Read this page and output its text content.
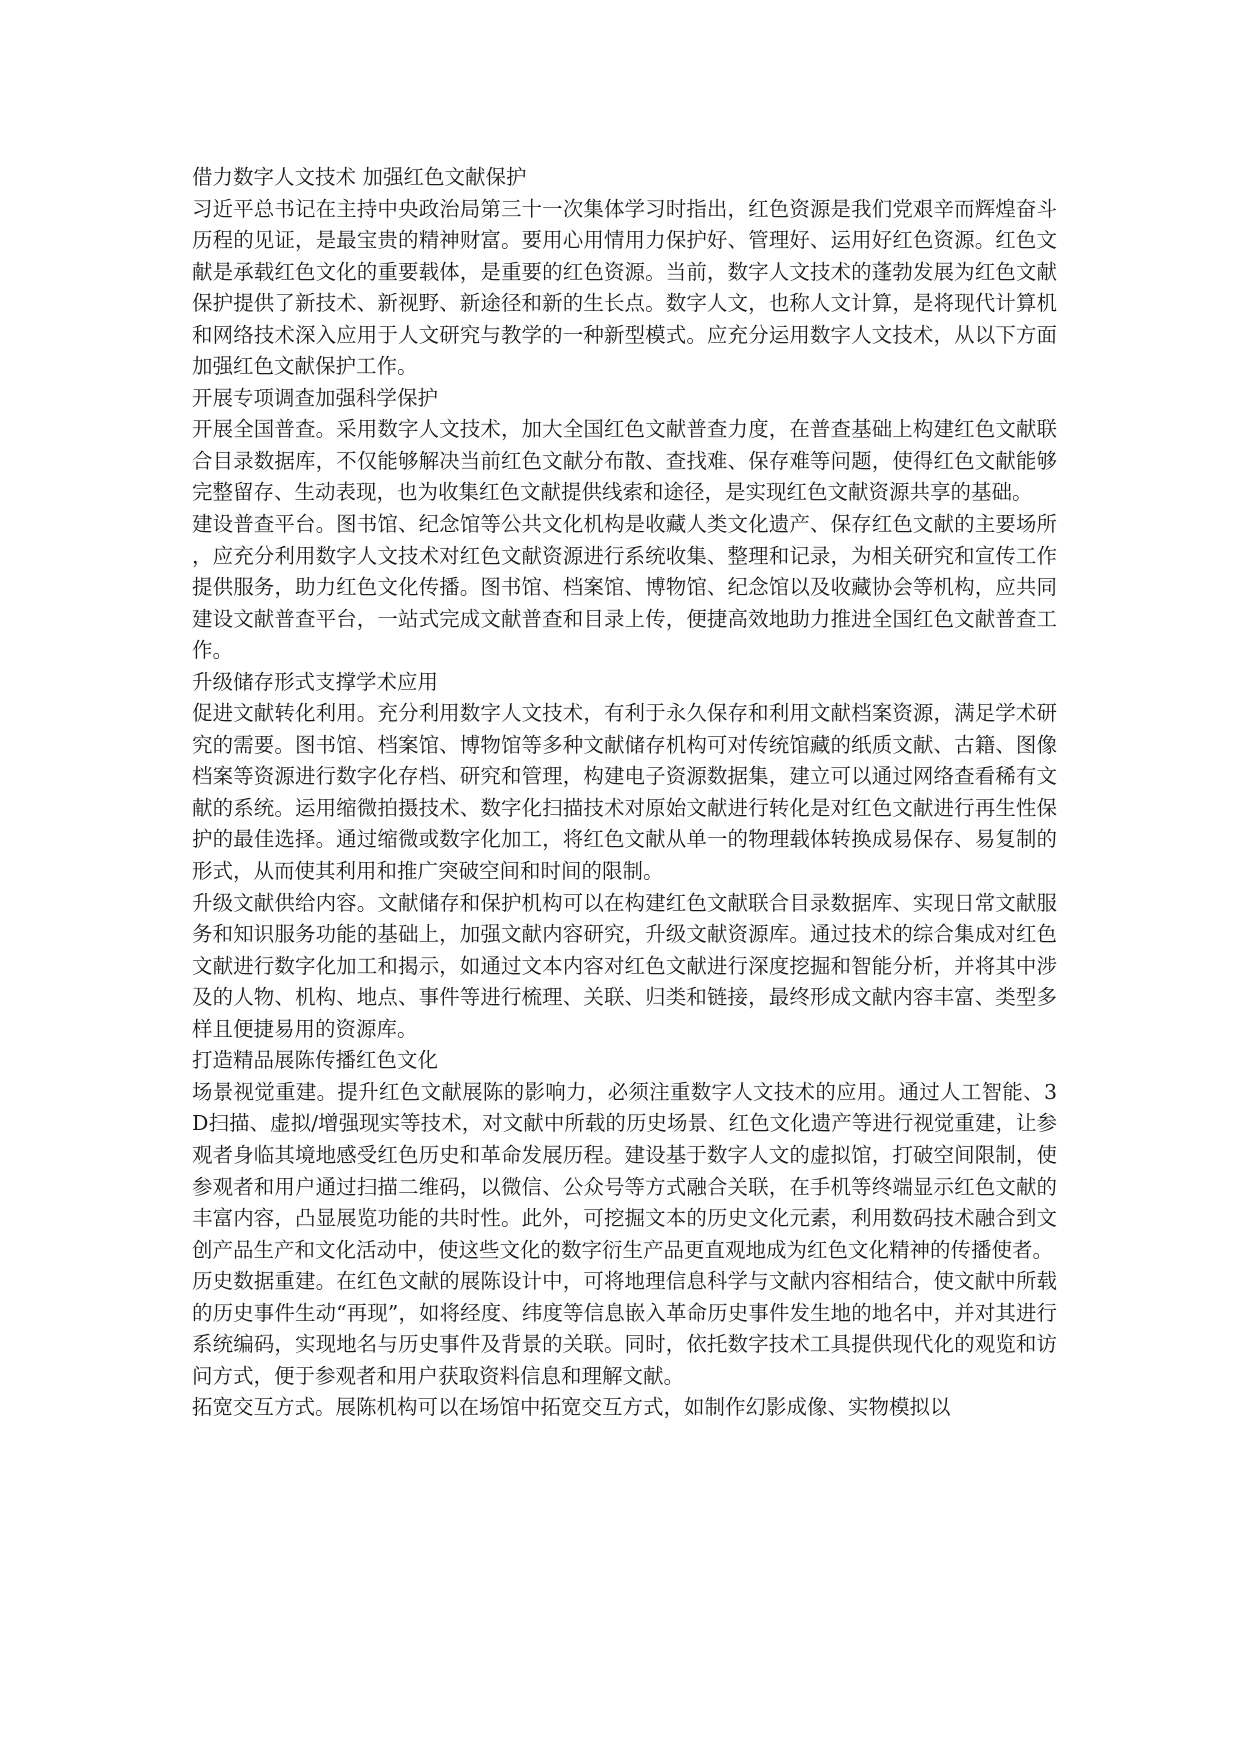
借力数字人文技术 加强红色文献保护

习近平总书记在主持中央政治局第三十一次集体学习时指出，红色资源是我们党艰辛而辉煌奋斗历程的见证，是最宝贵的精神财富。要用心用情用力保护好、管理好、运用好红色资源。红色文献是承载红色文化的重要载体，是重要的红色资源。当前，数字人文技术的蓬勃发展为红色文献保护提供了新技术、新视野、新途径和新的生长点。数字人文，也称人文计算，是将现代计算机和网络技术深入应用于人文研究与教学的一种新型模式。应充分运用数字人文技术，从以下方面加强红色文献保护工作。

开展专项调查加强科学保护

开展全国普查。采用数字人文技术，加大全国红色文献普查力度，在普查基础上构建红色文献联合目录数据库，不仅能够解决当前红色文献分布散、查找难、保存难等问题，使得红色文献能够完整留存、生动表现，也为收集红色文献提供线索和途径，是实现红色文献资源共享的基础。

建设普查平台。图书馆、纪念馆等公共文化机构是收藏人类文化遗产、保存红色文献的主要场所，应充分利用数字人文技术对红色文献资源进行系统收集、整理和记录，为相关研究和宣传工作提供服务，助力红色文化传播。图书馆、档案馆、博物馆、纪念馆以及收藏协会等机构，应共同建设文献普查平台，一站式完成文献普查和目录上传，便捷高效地助力推进全国红色文献普查工作。

升级储存形式支撑学术应用

促进文献转化利用。充分利用数字人文技术，有利于永久保存和利用文献档案资源，满足学术研究的需要。图书馆、档案馆、博物馆等多种文献储存机构可对传统馆藏的纸质文献、古籍、图像档案等资源进行数字化存档、研究和管理，构建电子资源数据集，建立可以通过网络查看稀有文献的系统。运用缩微拍摄技术、数字化扫描技术对原始文献进行转化是对红色文献进行再生性保护的最佳选择。通过缩微或数字化加工，将红色文献从单一的物理载体转换成易保存、易复制的形式，从而使其利用和推广突破空间和时间的限制。

升级文献供给内容。文献储存和保护机构可以在构建红色文献联合目录数据库、实现日常文献服务和知识服务功能的基础上，加强文献内容研究，升级文献资源库。通过技术的综合集成对红色文献进行数字化加工和揭示，如通过文本内容对红色文献进行深度挖掘和智能分析，并将其中涉及的人物、机构、地点、事件等进行梳理、关联、归类和链接，最终形成文献内容丰富、类型多样且便捷易用的资源库。

打造精品展陈传播红色文化

场景视觉重建。提升红色文献展陈的影响力，必须注重数字人文技术的应用。通过人工智能、3D扫描、虚拟/增强现实等技术，对文献中所载的历史场景、红色文化遗产等进行视觉重建，让参观者身临其境地感受红色历史和革命发展历程。建设基于数字人文的虚拟馆，打破空间限制，使参观者和用户通过扫描二维码，以微信、公众号等方式融合关联，在手机等终端显示红色文献的丰富内容，凸显展览功能的共时性。此外，可挖掘文本的历史文化元素，利用数码技术融合到文创产品生产和文化活动中，使这些文化的数字衍生产品更直观地成为红色文化精神的传播使者。

历史数据重建。在红色文献的展陈设计中，可将地理信息科学与文献内容相结合，使文献中所载的历史事件生动“再现”，如将经度、纬度等信息嵌入革命历史事件发生地的地名中，并对其进行系统编码，实现地名与历史事件及背景的关联。同时，依托数字技术工具提供现代化的观览和访问方式，便于参观者和用户获取资料信息和理解文献。

拓宽交互方式。展陈机构可以在场馆中拓宽交互方式，如制作幻影成像、实物模拟以
